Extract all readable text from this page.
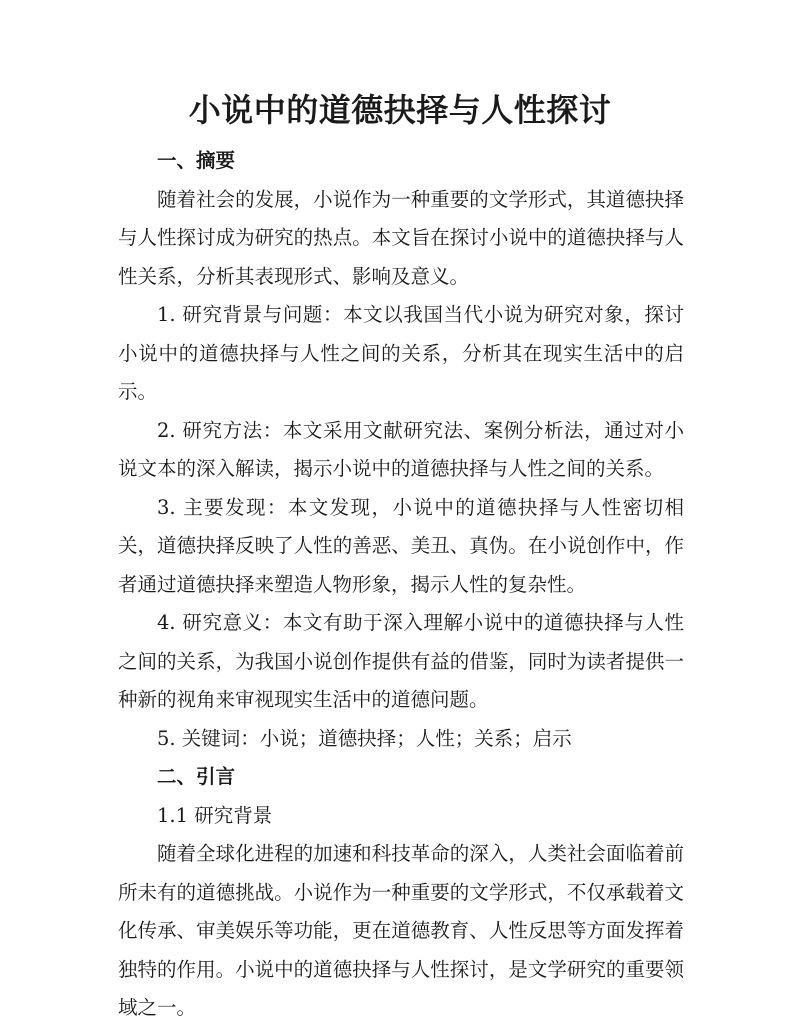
小说中的道德抉择与人性探讨

一、摘要

随着社会的发展，小说作为一种重要的文学形式，其道德抉择与人性探讨成为研究的热点。本文旨在探讨小说中的道德抉择与人性关系，分析其表现形式、影响及意义。

1. 研究背景与问题：本文以我国当代小说为研究对象，探讨小说中的道德抉择与人性之间的关系，分析其在现实生活中的启示。

2. 研究方法：本文采用文献研究法、案例分析法，通过对小说文本的深入解读，揭示小说中的道德抉择与人性之间的关系。

3. 主要发现：本文发现，小说中的道德抉择与人性密切相关，道德抉择反映了人性的善恶、美丑、真伪。在小说创作中，作者通过道德抉择来塑造人物形象，揭示人性的复杂性。

4. 研究意义：本文有助于深入理解小说中的道德抉择与人性之间的关系，为我国小说创作提供有益的借鉴，同时为读者提供一种新的视角来审视现实生活中的道德问题。

5. 关键词：小说；道德抉择；人性；关系；启示

二、引言

1.1 研究背景

随着全球化进程的加速和科技革命的深入，人类社会面临着前所未有的道德挑战。小说作为一种重要的文学形式，不仅承载着文化传承、审美娱乐等功能，更在道德教育、人性反思等方面发挥着独特的作用。小说中的道德抉择与人性探讨，是文学研究的重要领域之一。
